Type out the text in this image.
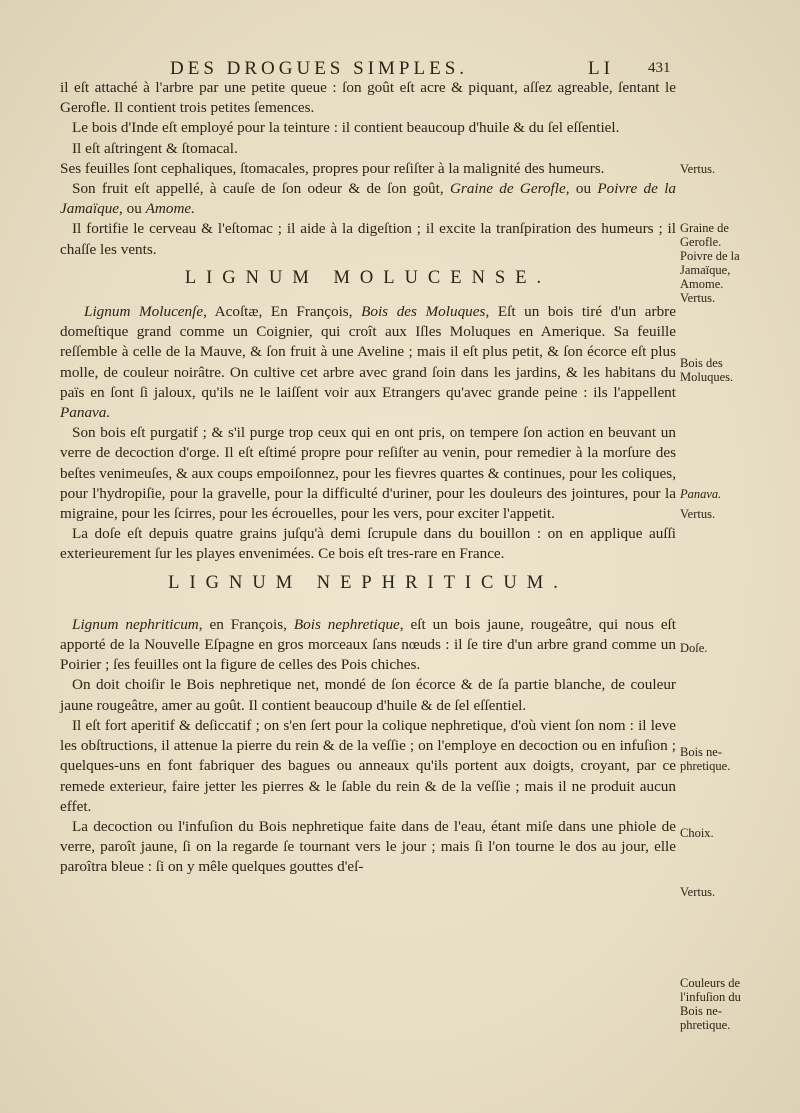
DES DROGUES SIMPLES.	LI 431

il eſt attaché à l'arbre par une petite queue : ſon goût eſt acre & piquant, aſſez agreable, ſentant le Gerofle. Il contient trois petites ſemences.

Le bois d'Inde eſt employé pour la teinture : il contient beaucoup d'huile & du ſel eſſentiel.

Il eſt aſtringent & ſtomacal.

Ses feuilles ſont cephaliques, ſtomacales, propres pour reſiſter à la malignité des humeurs.

Son fruit eſt appellé, à cauſe de ſon odeur & de ſon goût, Graine de Gerofle, ou Poivre de la Jamaïque, ou Amome.

Il fortifie le cerveau & l'eſtomac ; il aide à la digeſtion ; il excite la tranſpiration des humeurs ; il chaſſe les vents.

LIGNUM MOLUCENSE.

Lignum Molucenſe, Acoſtæ, En François, Bois des Moluques, Eſt un bois tiré d'un arbre domeſtique grand comme un Coignier, qui croît aux Iſles Moluques en Amerique. Sa feuille reſſemble à celle de la Mauve, & ſon fruit à une Aveline ; mais il eſt plus petit, & ſon écorce eſt plus molle, de couleur noirâtre. On cultive cet arbre avec grand ſoin dans les jardins, & les habitans du païs en ſont ſi jaloux, qu'ils ne le laiſſent voir aux Etrangers qu'avec grande peine : ils l'appellent Panava.

Son bois eſt purgatif ; & s'il purge trop ceux qui en ont pris, on tempere ſon action en beuvant un verre de decoction d'orge. Il eſt eſtimé propre pour reſiſter au venin, pour remedier à la morſure des beſtes venimeuſes, & aux coups empoiſonnez, pour les fievres quartes & continues, pour les coliques, pour l'hydropiſie, pour la gravelle, pour la difficulté d'uriner, pour les douleurs des jointures, pour la migraine, pour les ſcirres, pour les écrouelles, pour les vers, pour exciter l'appetit.

La doſe eſt depuis quatre grains juſqu'à demi ſcrupule dans du bouillon : on en applique auſſi exterieurement ſur les playes envenimées. Ce bois eſt tres-rare en France.

LIGNUM NEPHRITICUM.

Lignum nephriticum, en François, Bois nephretique, eſt un bois jaune, rougeâtre, qui nous eſt apporté de la Nouvelle Eſpagne en gros morceaux ſans nœuds : il ſe tire d'un arbre grand comme un Poirier ; ſes feuilles ont la figure de celles des Pois chiches.

On doit choiſir le Bois nephretique net, mondé de ſon écorce & de ſa partie blanche, de couleur jaune rougeâtre, amer au goût. Il contient beaucoup d'huile & de ſel eſſentiel.

Il eſt fort aperitif & deſiccatif ; on s'en ſert pour la colique nephretique, d'où vient ſon nom : il leve les obſtructions, il attenue la pierre du rein & de la veſſie ; on l'employe en decoction ou en infuſion ; quelques-uns en font fabriquer des bagues ou anneaux qu'ils portent aux doigts, croyant, par ce remede exterieur, faire jetter les pierres & le ſable du rein & de la veſſie ; mais il ne produit aucun effet.

La decoction ou l'infuſion du Bois nephretique faite dans de l'eau, étant miſe dans une phiole de verre, paroît jaune, ſi on la regarde ſe tournant vers le jour ; mais ſi l'on tourne le dos au jour, elle paroîtra bleue : ſi on y mêle quelques gouttes d'eſ-

Vertus.
Graine de
Gerofle.
Poivre de la
Jamaïque,
Amome.
Vertus.
Bois des
Moluques.
Panava.
Vertus.
Doſe.
Bois ne-
phretique.
Choix.
Vertus.
Couleurs de
l'infuſion du
Bois ne-
phretique.
